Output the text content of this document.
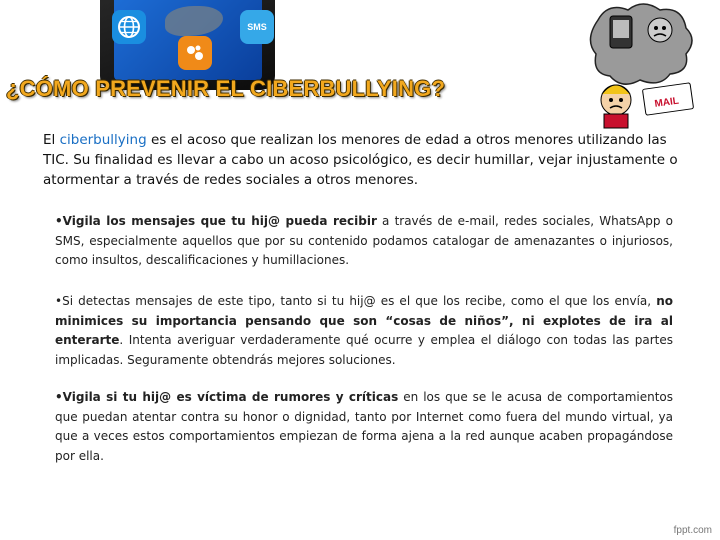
SMS
¿CÓMO PREVENIR EL CIBERBULLYING?
MAIL

El ciberbullying es el acoso que realizan los menores de edad a otros menores utilizando las TIC. Su finalidad es llevar a cabo un acoso psicológico, es decir humillar, vejar injustamente o atormentar a través de redes sociales a otros menores.

•Vigila los mensajes que tu hij@ pueda recibir a través de e-mail, redes sociales, WhatsApp o SMS, especialmente aquellos que por su contenido podamos catalogar de amenazantes o injuriosos, como insultos, descalificaciones y humillaciones.

•Si detectas mensajes de este tipo, tanto si tu hij@ es el que los recibe, como el que los envía, no minimices su importancia pensando que son “cosas de niños”, ni explotes de ira al enterarte. Intenta averiguar verdaderamente qué ocurre y emplea el diálogo con todas las partes implicadas. Seguramente obtendrás mejores soluciones.

•Vigila si tu hij@ es víctima de rumores y críticas en los que se le acusa de comportamientos que puedan atentar contra su honor o dignidad, tanto por Internet como fuera del mundo virtual, ya que a veces estos comportamientos empiezan de forma ajena a la red aunque acaben propagándose por ella.

fppt.com
